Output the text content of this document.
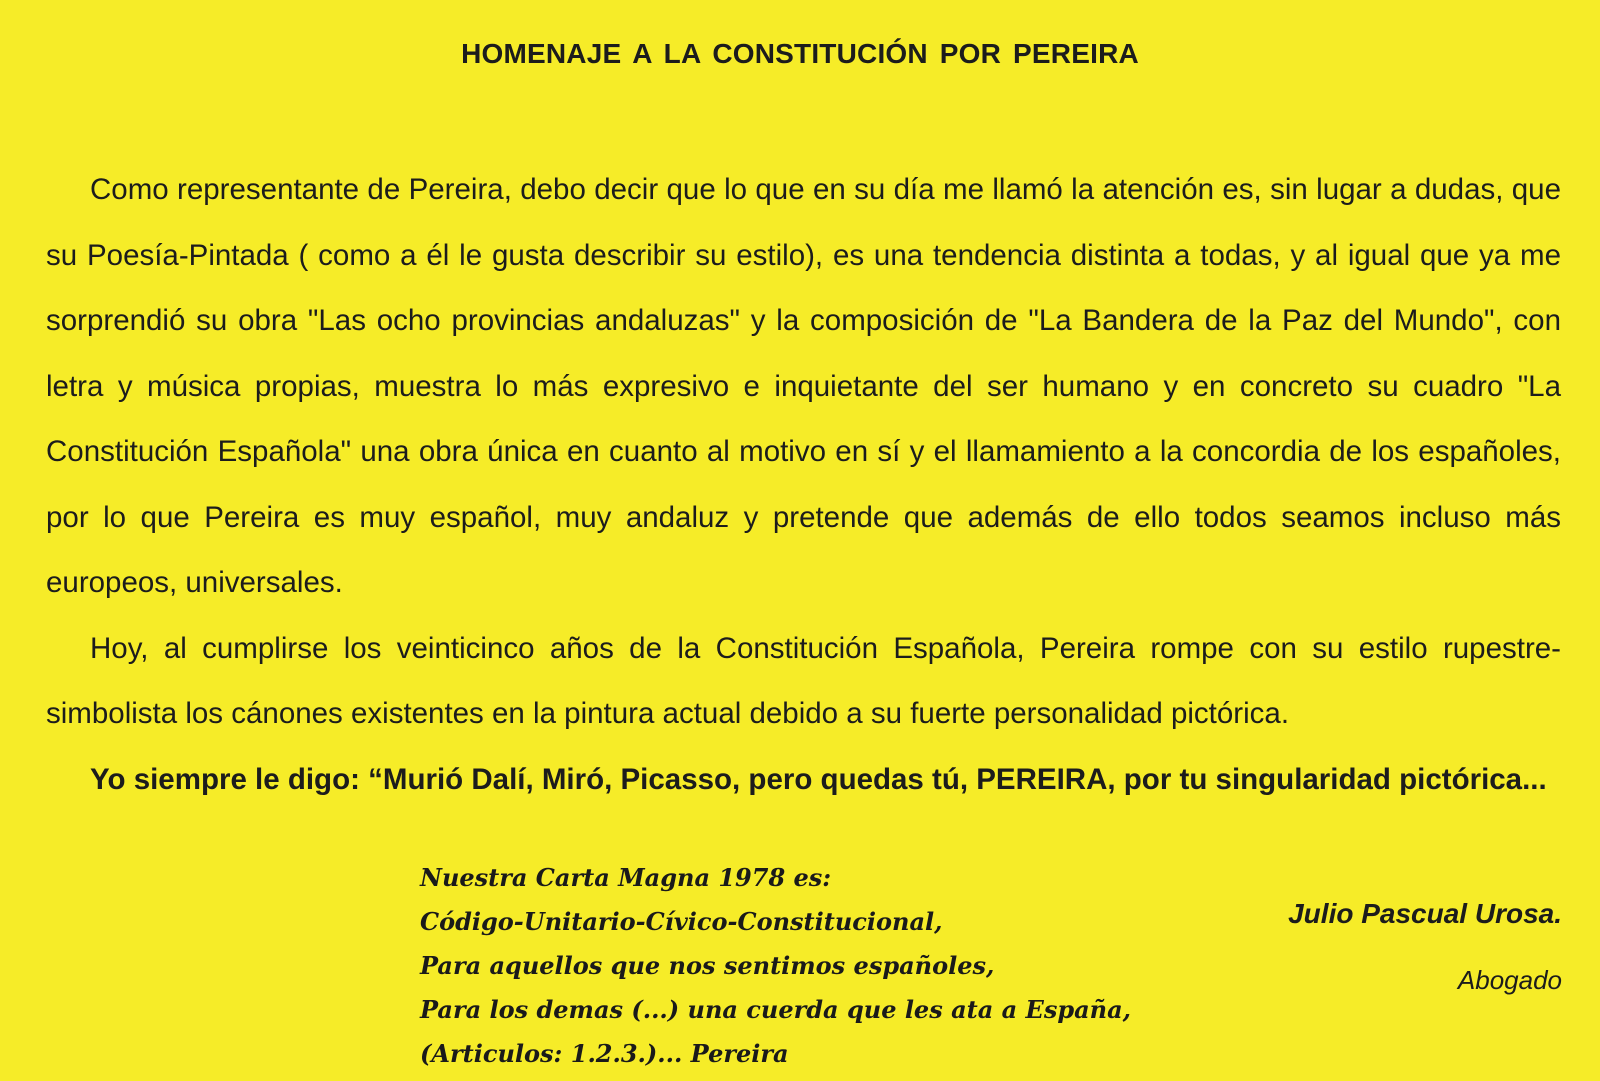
HOMENAJE A LA CONSTITUCIÓN POR PEREIRA

Como representante de Pereira, debo decir que lo que en su día me llamó la atención es, sin lugar a dudas, que su Poesía-Pintada ( como a él le gusta describir su estilo), es una tendencia distinta a todas, y al igual que ya me sorprendió su obra "Las ocho provincias andaluzas" y la composición de "La Bandera de la Paz del Mundo", con letra y música propias, muestra lo más expresivo e inquietante del ser humano y en concreto su cuadro "La Constitución Española" una obra única en cuanto al motivo en sí y el llamamiento a la concordia de los españoles, por lo que Pereira es muy español, muy andaluz y pretende que además de ello todos seamos incluso más europeos, universales.

Hoy, al cumplirse los veinticinco años de la Constitución Española, Pereira rompe con su estilo rupestre-simbolista los cánones existentes en la pintura actual debido a su fuerte personalidad pictórica.

Yo siempre le digo: “Murió Dalí, Miró, Picasso, pero quedas tú, PEREIRA, por tu singularidad pictórica...

Nuestra Carta Magna 1978 es:
Código-Unitario-Cívico-Constitucional,
Para aquellos que nos sentimos españoles,
Para los demas (...) una cuerda que les ata a España,
(Articulos: 1.2.3.)... Pereira
Julio Pascual Urosa.
Abogado
